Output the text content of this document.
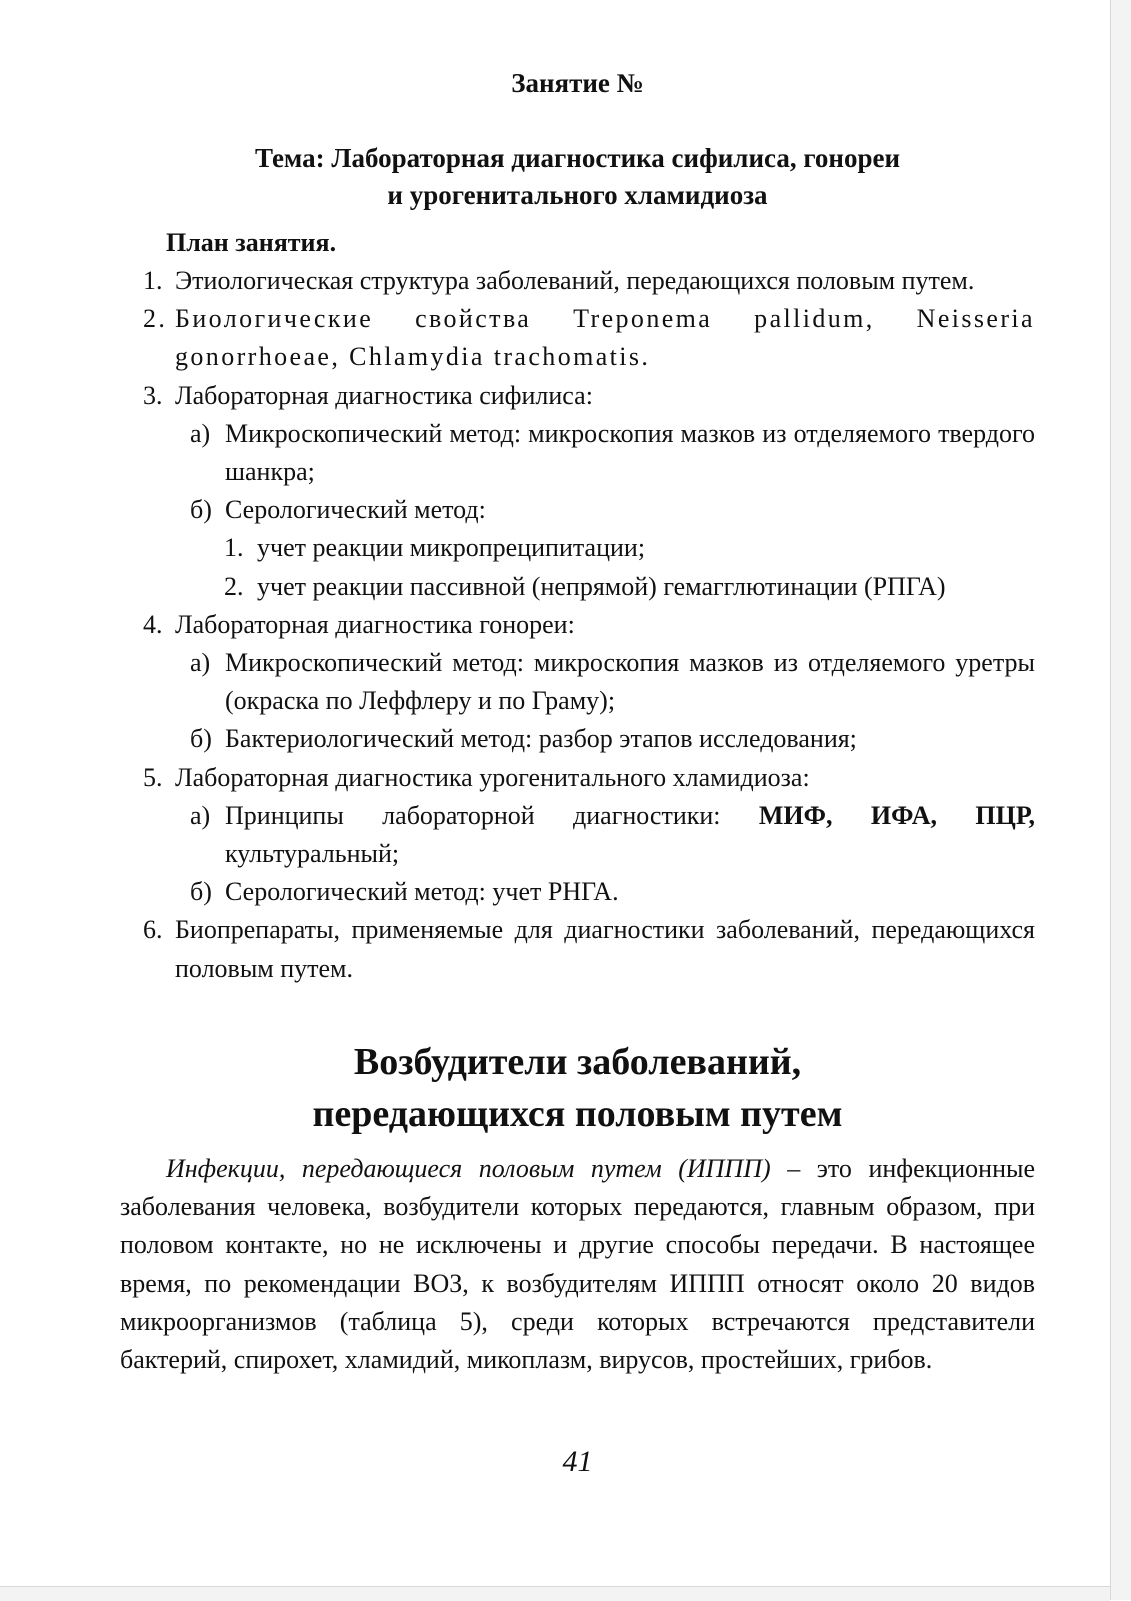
Занятие №
Тема: Лабораторная диагностика сифилиса, гонореи
и урогенитального хламидиоза
План занятия.
1. Этиологическая структура заболеваний, передающихся половым путем.
2. Биологические свойства Treponema pallidum, Neisseria gonorrhoeae, Chlamydia trachomatis.
3. Лабораторная диагностика сифилиса:
а) Микроскопический метод: микроскопия мазков из отделяемого твердого шанкра;
б) Серологический метод:
1. учет реакции микропреципитации;
2. учет реакции пассивной (непрямой) гемагглютинации (РПГА)
4. Лабораторная диагностика гонореи:
а) Микроскопический метод: микроскопия мазков из отделяемого уретры (окраска по Леффлеру и по Граму);
б) Бактериологический метод: разбор этапов исследования;
5. Лабораторная диагностика урогенитального хламидиоза:
а) Принципы лабораторной диагностики: МИФ, ИФА, ПЦР, культуральный;
б) Серологический метод: учет РНГА.
6. Биопрепараты, применяемые для диагностики заболеваний, передающихся половым путем.
Возбудители заболеваний,
передающихся половым путем
Инфекции, передающиеся половым путем (ИППП) – это инфекционные заболевания человека, возбудители которых передаются, главным образом, при половом контакте, но не исключены и другие способы передачи. В настоящее время, по рекомендации ВОЗ, к возбудителям ИППП относят около 20 видов микроорганизмов (таблица 5), среди которых встречаются представители бактерий, спирохет, хламидий, микоплазм, вирусов, простейших, грибов.
41
